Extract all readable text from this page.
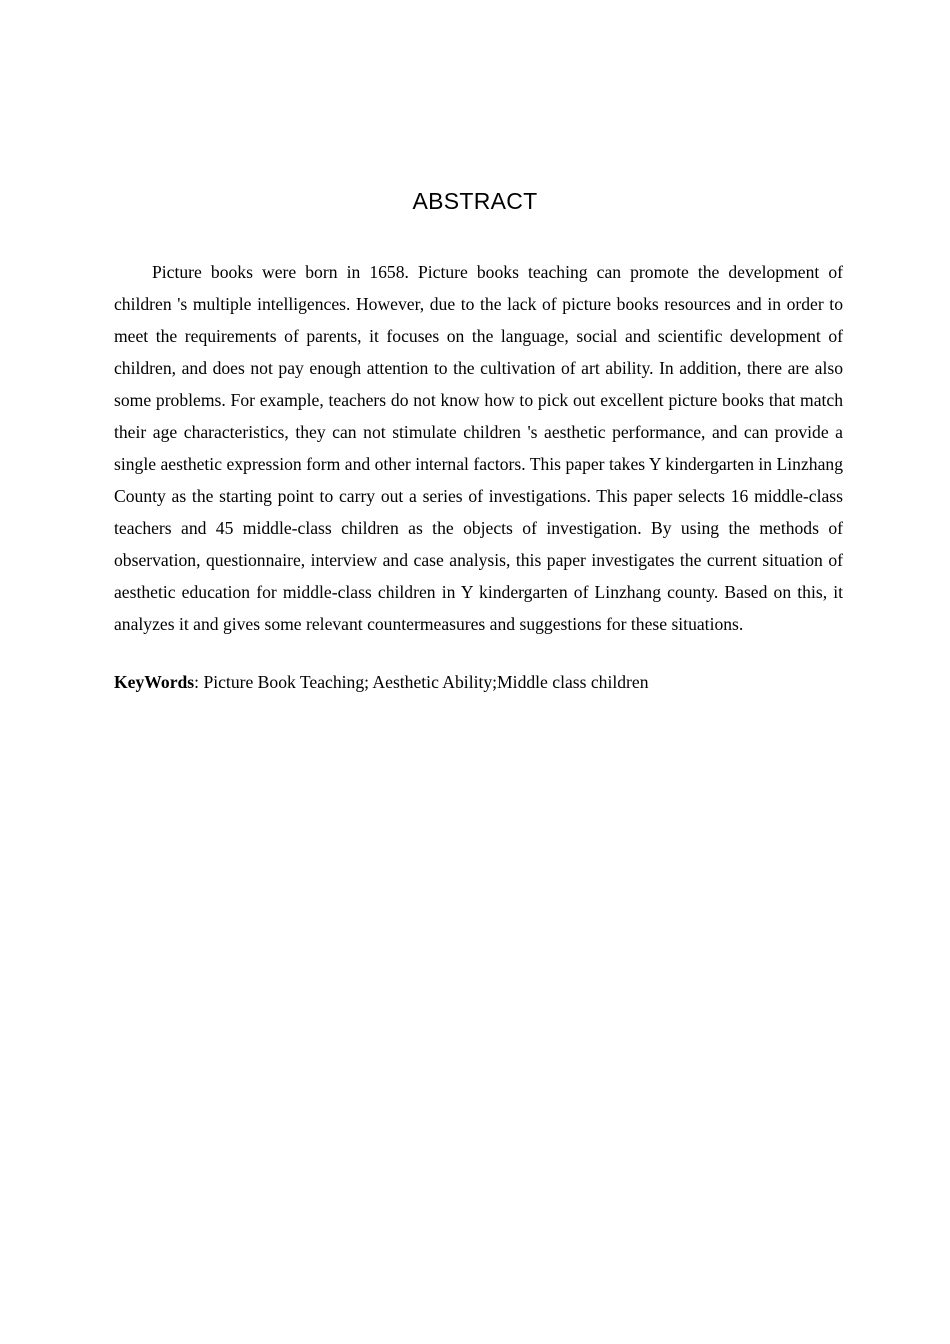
ABSTRACT

Picture books were born in 1658. Picture books teaching can promote the development of children 's multiple intelligences. However, due to the lack of picture books resources and in order to meet the requirements of parents, it focuses on the language, social and scientific development of children, and does not pay enough attention to the cultivation of art ability. In addition, there are also some problems. For example, teachers do not know how to pick out excellent picture books that match their age characteristics, they can not stimulate children 's aesthetic performance, and can provide a single aesthetic expression form and other internal factors. This paper takes Y kindergarten in Linzhang County as the starting point to carry out a series of investigations. This paper selects 16 middle-class teachers and 45 middle-class children as the objects of investigation. By using the methods of observation, questionnaire, interview and case analysis, this paper investigates the current situation of aesthetic education for middle-class children in Y kindergarten of Linzhang county. Based on this, it analyzes it and gives some relevant countermeasures and suggestions for these situations.

KeyWords: Picture Book Teaching; Aesthetic Ability;Middle class children
